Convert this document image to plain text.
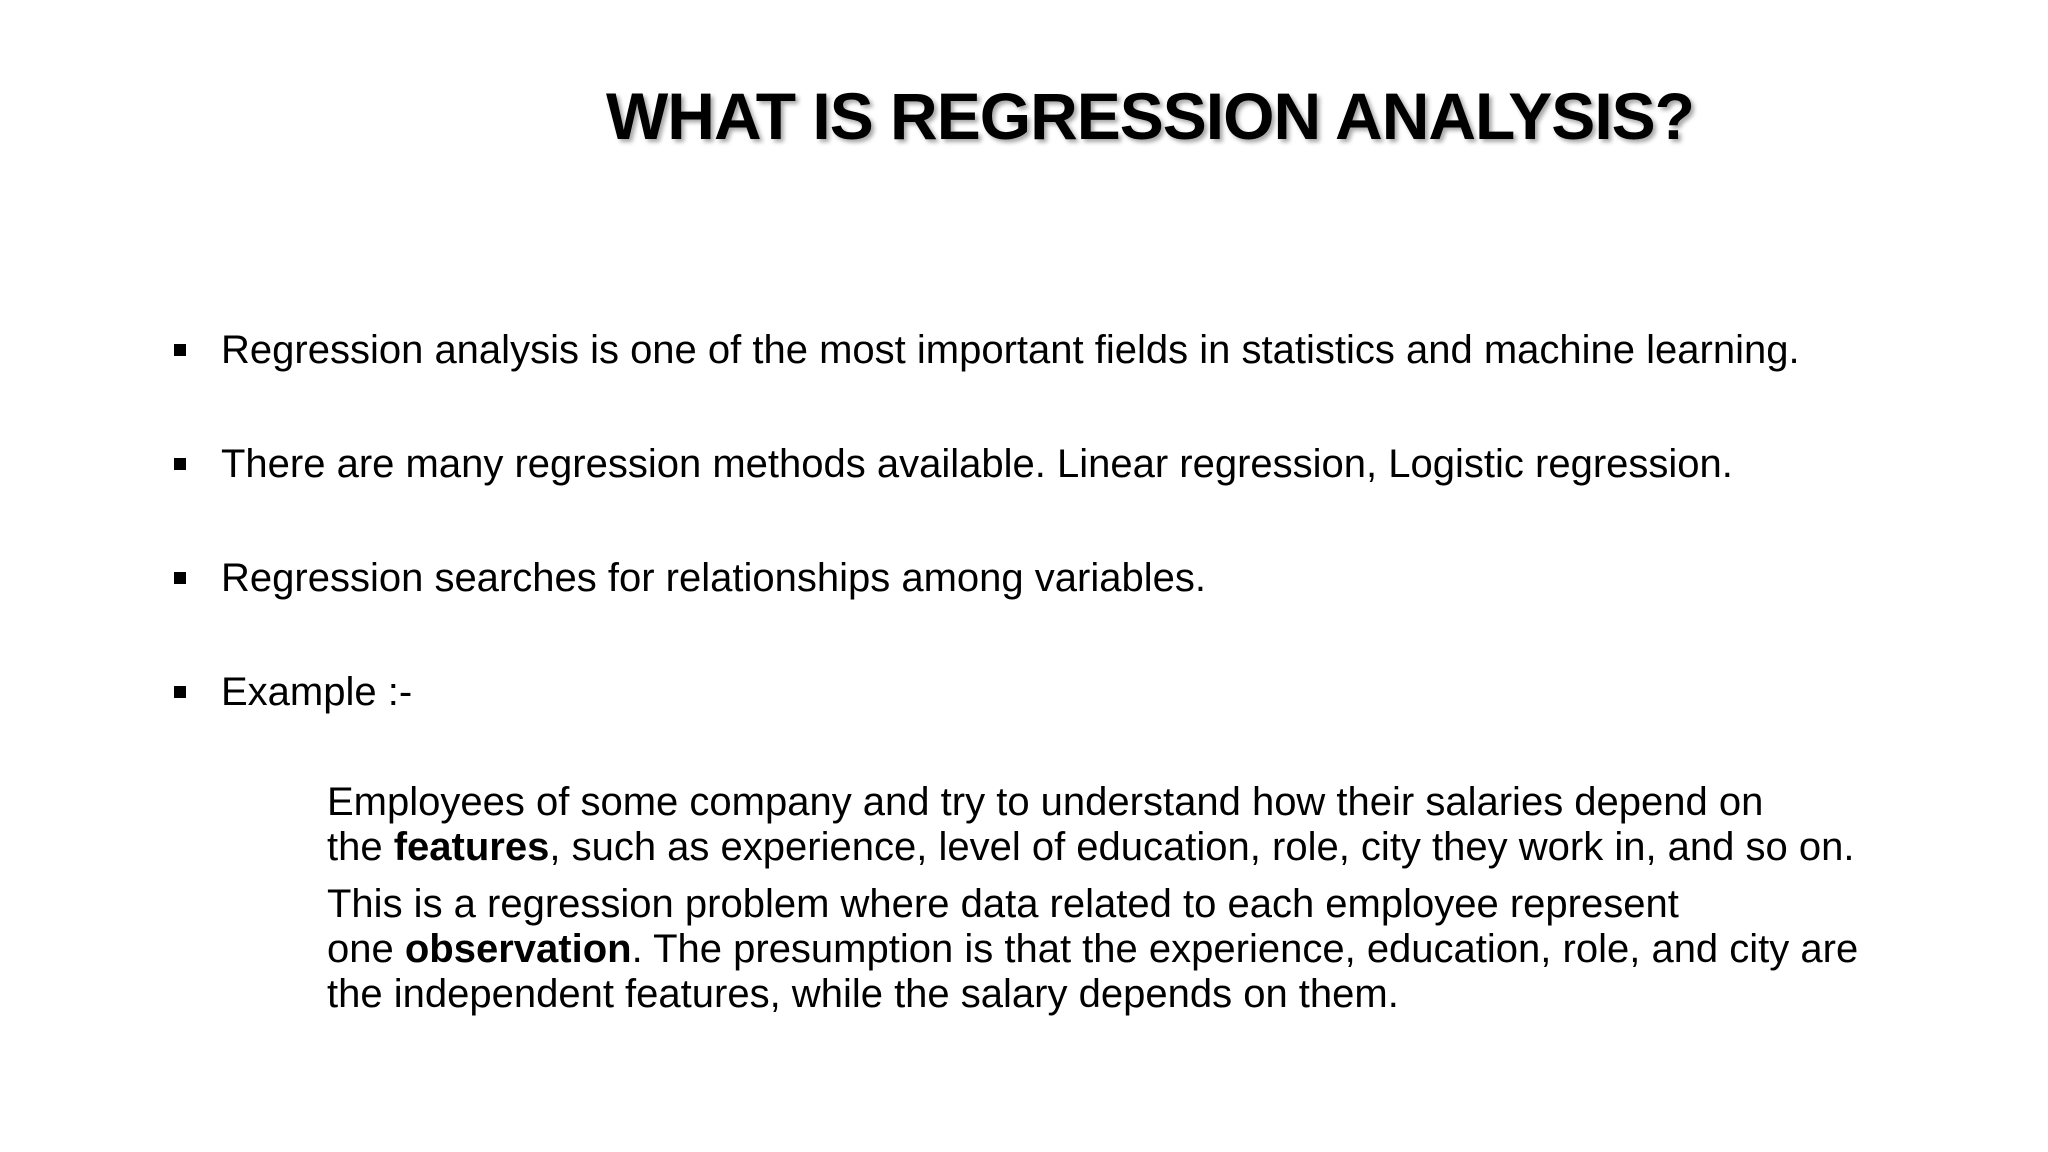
WHAT IS REGRESSION ANALYSIS?
Regression analysis is one of the most important fields in statistics and machine learning.
There are many regression methods available. Linear regression, Logistic regression.
Regression searches for relationships among variables.
Example :-

Employees of some company and try to understand how their salaries depend on
the features, such as experience, level of education, role, city they work in, and so on.

This is a regression problem where data related to each employee represent
one observation. The presumption is that the experience, education, role, and city are
the independent features, while the salary depends on them.
